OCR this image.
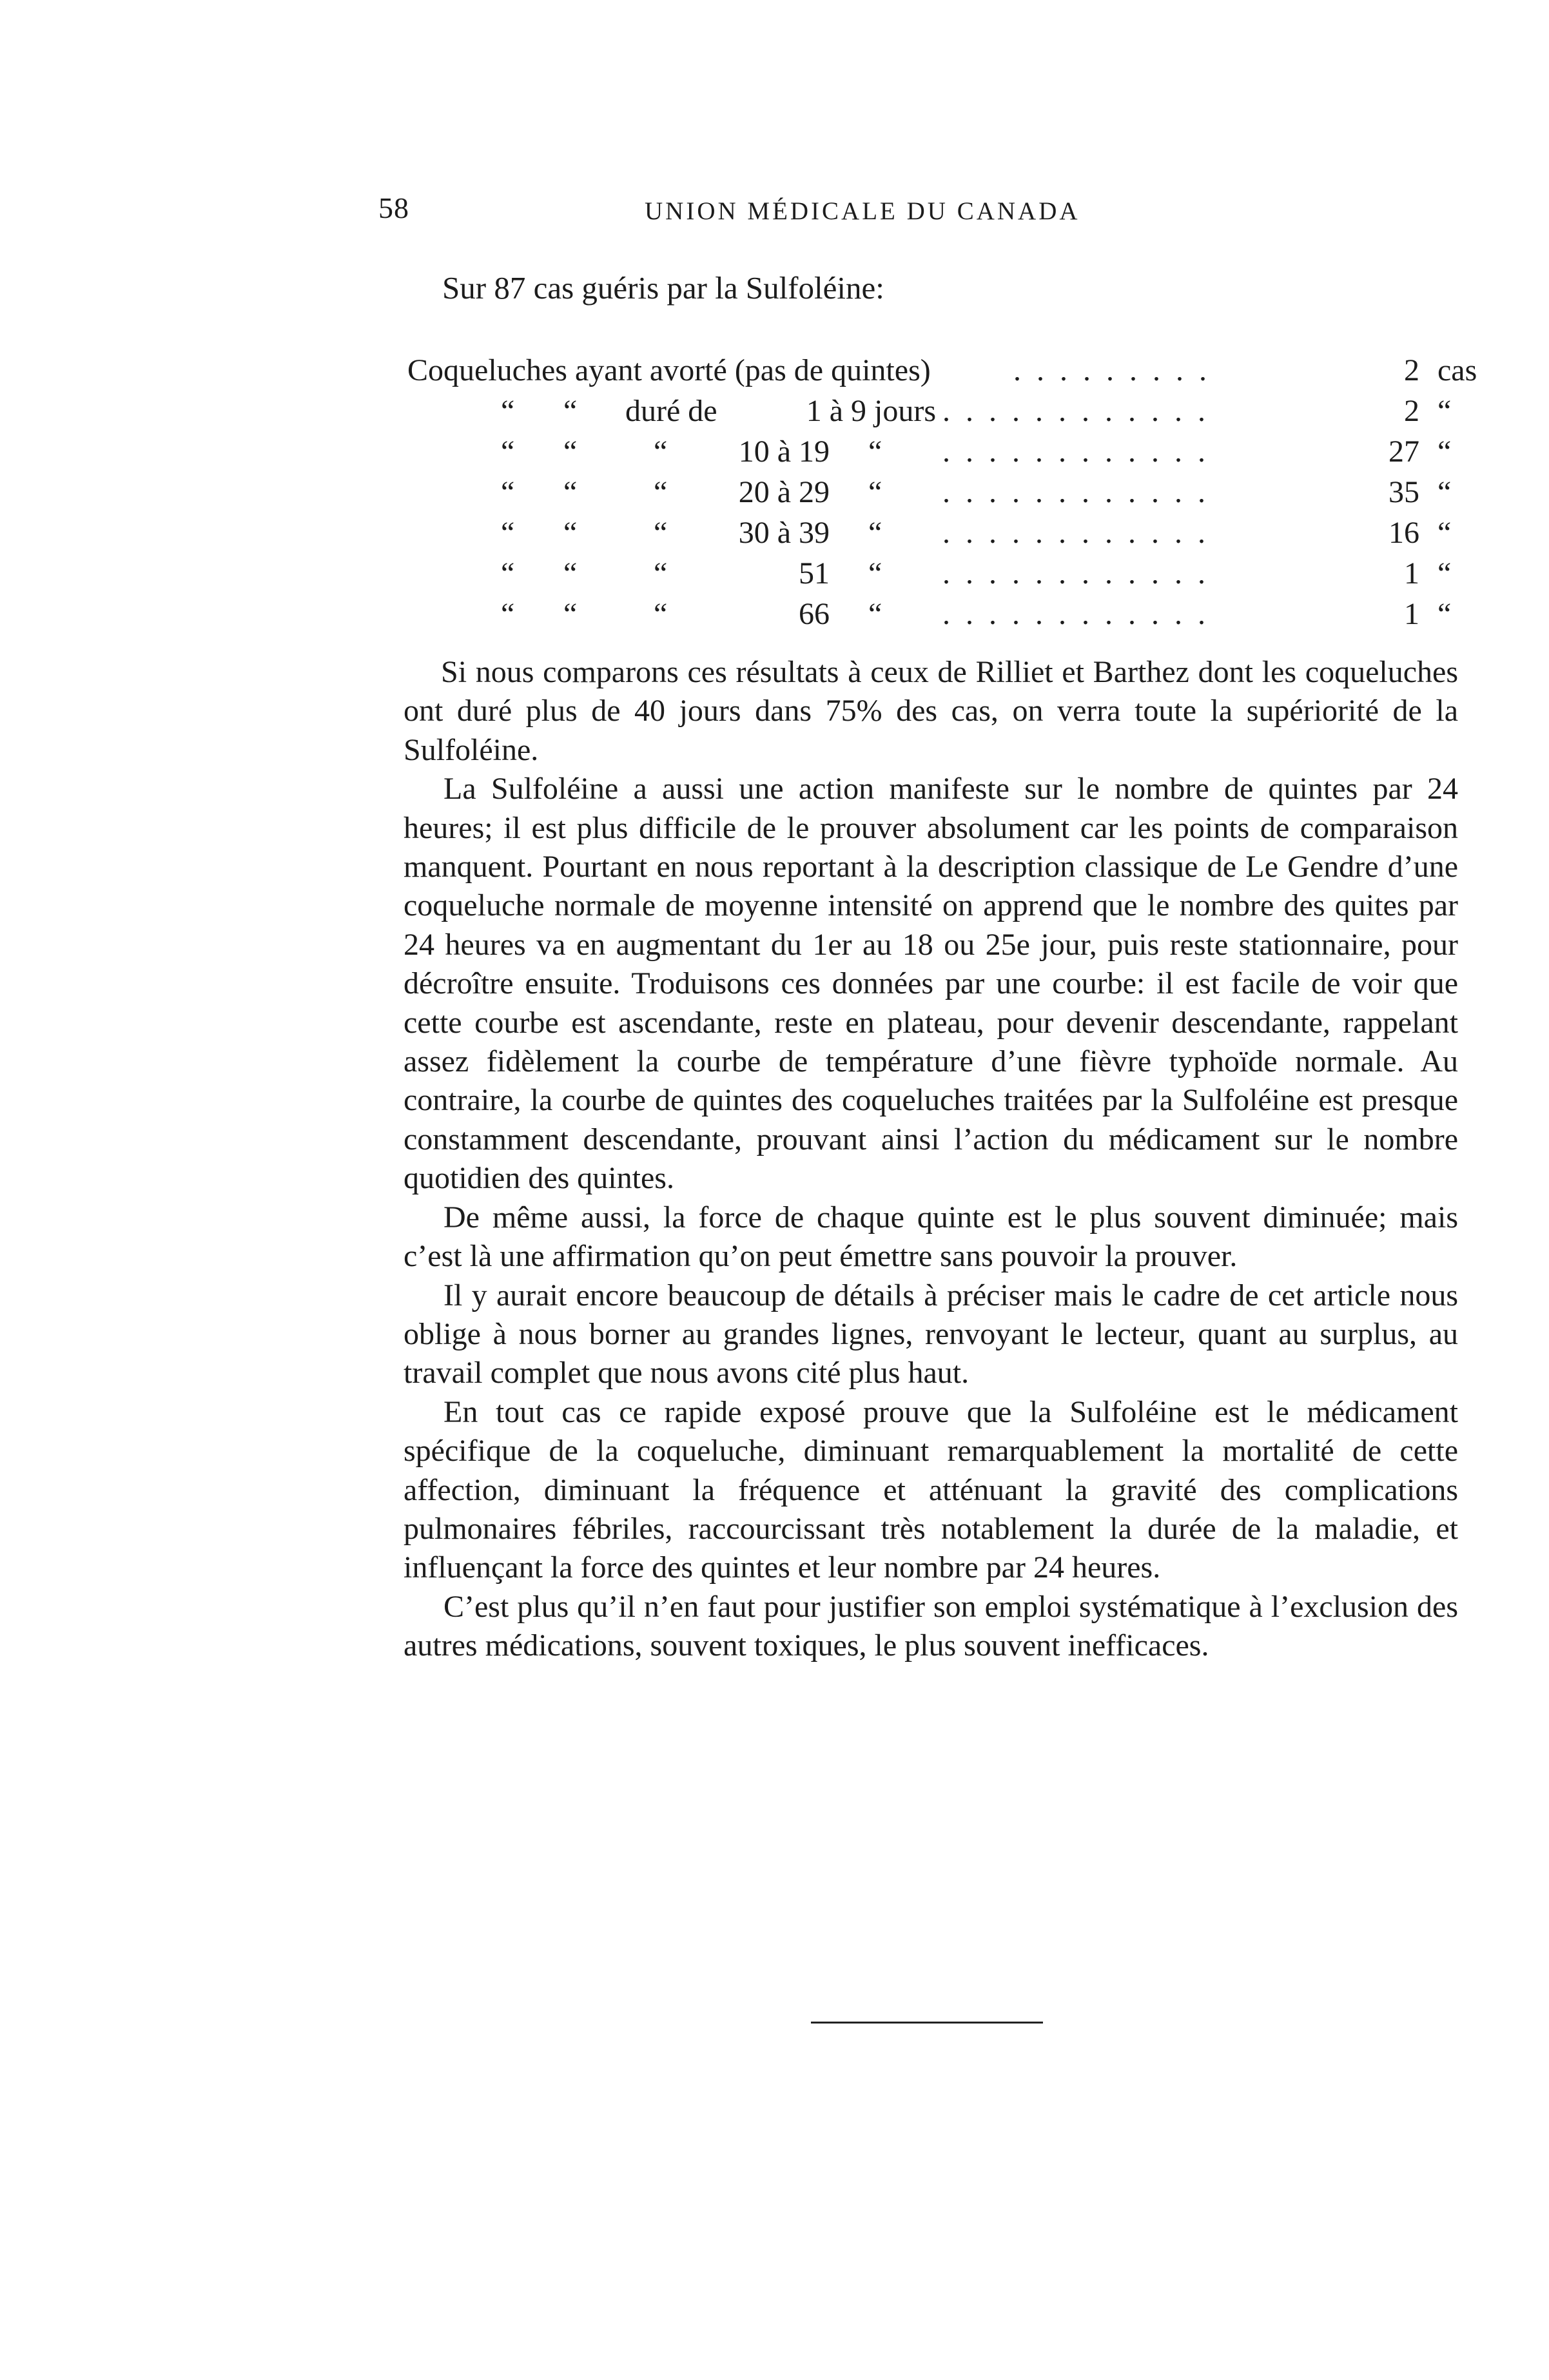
58	UNION MÉDICALE DU CANADA
Sur 87 cas guéris par la Sulfoléine:
Coqueluches ayant avorté (pas de quintes)	. . . . . . . . .	2 cas
“ “ duré de	1 à 9 jours . . . . . . . . . . . .	2 “
“ “ “ 10 à 19 “ . . . . . . . . . . . .	27 “
“ “ “ 20 à 29 “ . . . . . . . . . . . .	35 “
“ “ “ 30 à 39 “ . . . . . . . . . . . .	16 “
“ “ “	51 “ . . . . . . . . . . . .	1 “
“ “ “	66 “ . . . . . . . . . . . .	1 “

Si nous comparons ces résultats à ceux de Rilliet et Barthez dont les coqueluches ont duré plus de 40 jours dans 75% des cas, on verra toute la supériorité de la Sulfoléine.

La Sulfoléine a aussi une action manifeste sur le nombre de quintes par 24 heures; il est plus difficile de le prouver absolument car les points de comparaison manquent. Pourtant en nous reportant à la description classique de Le Gendre d’une coqueluche normale de moyenne intensité on apprend que le nombre des quites par 24 heures va en augmentant du 1er au 18 ou 25e jour, puis reste stationnaire, pour décroître ensuite. Troduisons ces données par une courbe: il est facile de voir que cette courbe est ascendante, reste en plateau, pour devenir descendante, rappelant assez fidèlement la courbe de température d’une fièvre typhoïde normale. Au contraire, la courbe de quintes des coqueluches traitées par la Sulfoléine est presque constamment descendante, prouvant ainsi l’action du médicament sur le nombre quotidien des quintes.

De même aussi, la force de chaque quinte est le plus souvent diminuée; mais c’est là une affirmation qu’on peut émettre sans pouvoir la prouver.

Il y aurait encore beaucoup de détails à préciser mais le cadre de cet article nous oblige à nous borner au grandes lignes, renvoyant le lecteur, quant au surplus, au travail complet que nous avons cité plus haut.

En tout cas ce rapide exposé prouve que la Sulfoléine est le médicament spécifique de la coqueluche, diminuant remarquablement la mortalité de cette affection, diminuant la fréquence et atténuant la gravité des complications pulmonaires fébriles, raccourcissant très notablement la durée de la maladie, et influençant la force des quintes et leur nombre par 24 heures.

C’est plus qu’il n’en faut pour justifier son emploi systématique à l’exclusion des autres médications, souvent toxiques, le plus souvent inefficaces.
